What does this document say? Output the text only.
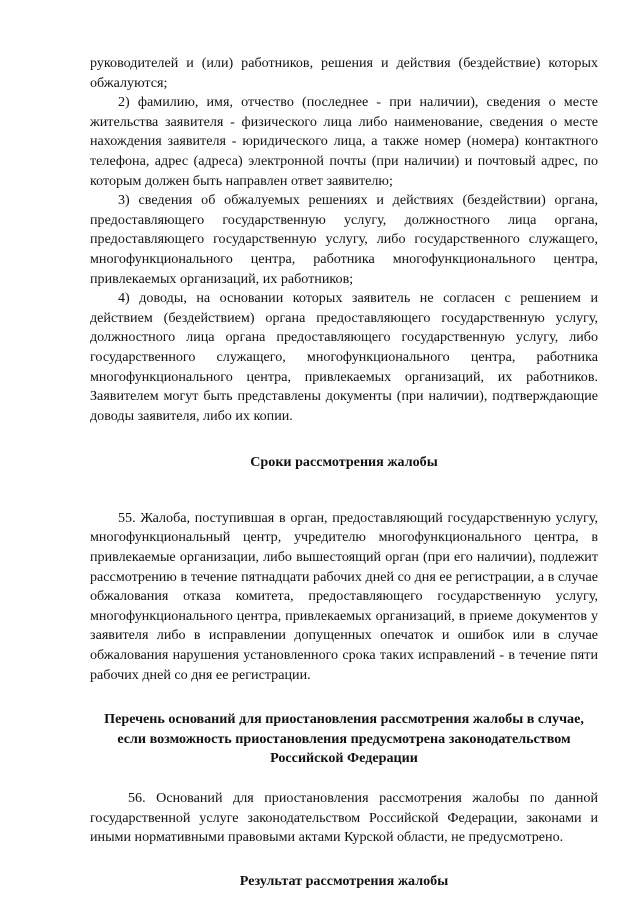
руководителей и (или) работников, решения и действия (бездействие) которых обжалуются;

2) фамилию, имя, отчество (последнее - при наличии), сведения о месте жительства заявителя - физического лица либо наименование, сведения о месте нахождения заявителя - юридического лица, а также номер (номера) контактного телефона, адрес (адреса) электронной почты (при наличии) и почтовый адрес, по которым должен быть направлен ответ заявителю;

3) сведения об обжалуемых решениях и действиях (бездействии) органа, предоставляющего государственную услугу, должностного лица органа, предоставляющего государственную услугу, либо государственного служащего, многофункционального центра, работника многофункционального центра, привлекаемых организаций, их работников;

4) доводы, на основании которых заявитель не согласен с решением и действием (бездействием) органа предоставляющего государственную услугу, должностного лица органа предоставляющего государственную услугу, либо государственного служащего, многофункционального центра, работника многофункционального центра, привлекаемых организаций, их работников. Заявителем могут быть представлены документы (при наличии), подтверждающие доводы заявителя, либо их копии.

Сроки рассмотрения жалобы

55. Жалоба, поступившая в орган, предоставляющий государственную услугу, многофункциональный центр, учредителю многофункционального центра, в привлекаемые организации, либо вышестоящий орган (при его наличии), подлежит рассмотрению в течение пятнадцати рабочих дней со дня ее регистрации, а в случае обжалования отказа комитета, предоставляющего государственную услугу, многофункционального центра, привлекаемых организаций, в приеме документов у заявителя либо в исправлении допущенных опечаток и ошибок или в случае обжалования нарушения установленного срока таких исправлений - в течение пяти рабочих дней со дня ее регистрации.

Перечень оснований для приостановления рассмотрения жалобы в случае, если возможность приостановления предусмотрена законодательством Российской Федерации

56. Оснований для приостановления рассмотрения жалобы по данной государственной услуге законодательством Российской Федерации, законами и иными нормативными правовыми актами Курской области, не предусмотрено.

Результат рассмотрения жалобы
